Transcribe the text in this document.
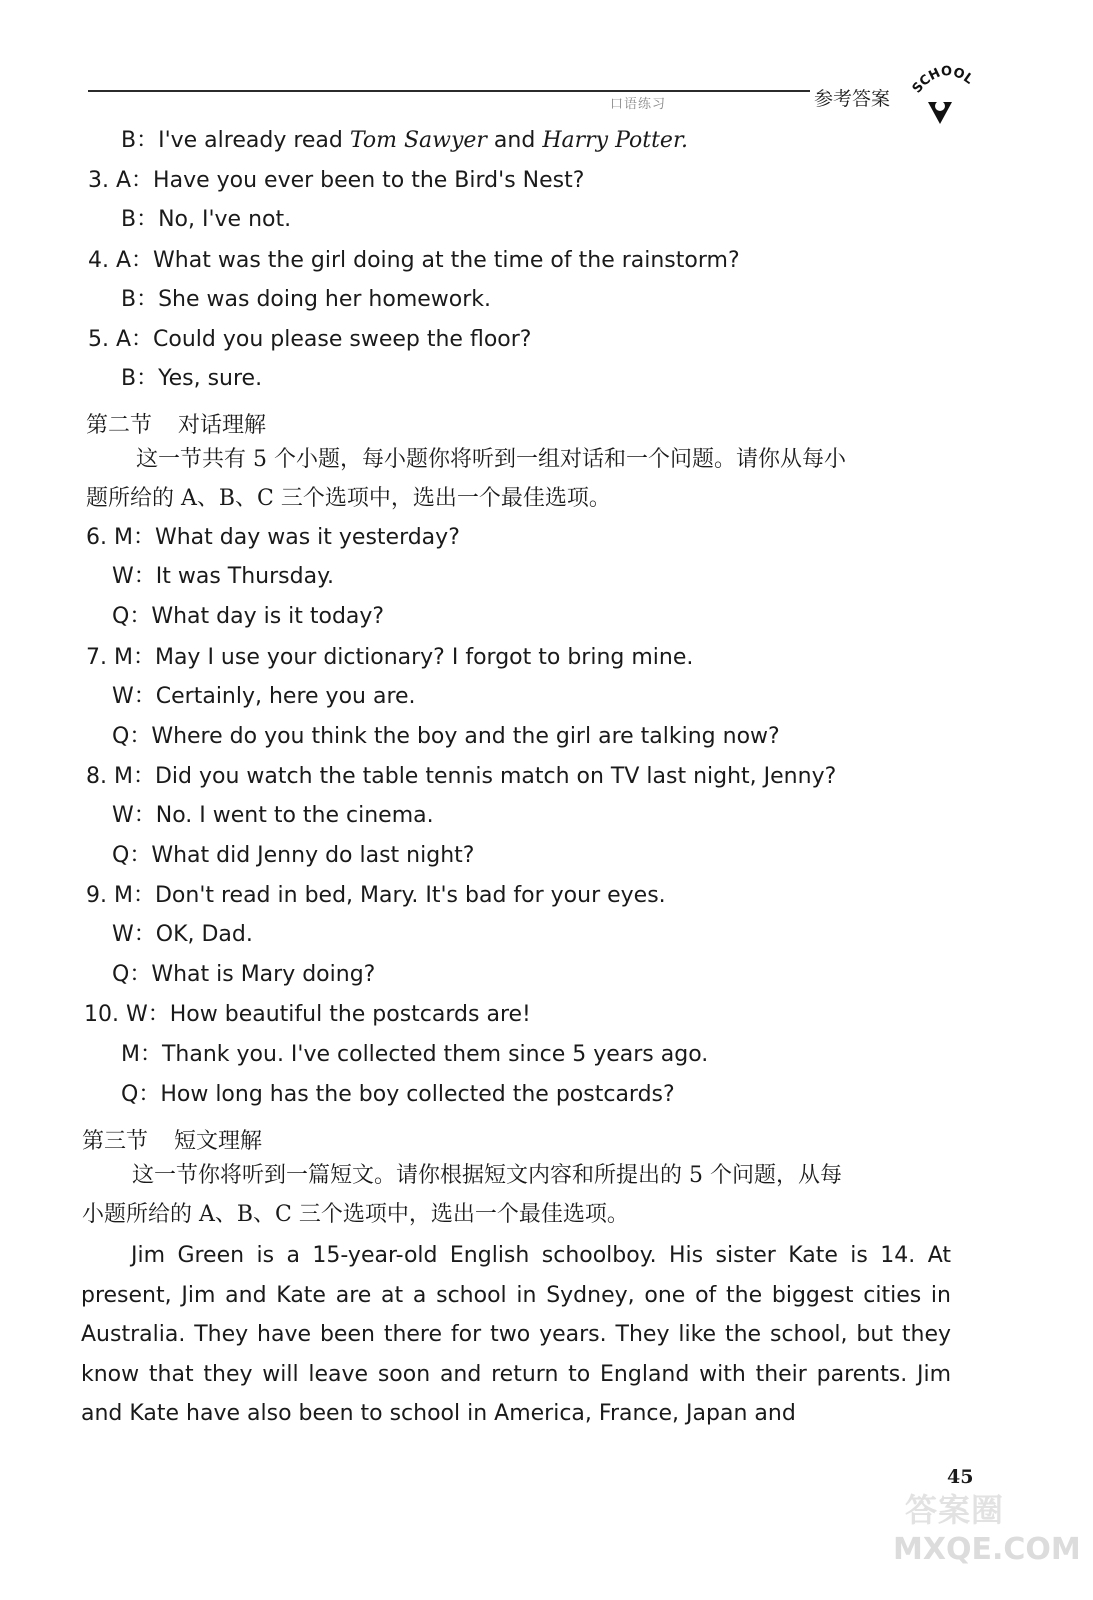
口语练习	参考答案
SCHOOL
B：I've already read Tom Sawyer and Harry Potter.
3. A：Have you ever been to the Bird's Nest?
B：No, I've not.
4. A：What was the girl doing at the time of the rainstorm?
B：She was doing her homework.
5. A：Could you please sweep the floor?
B：Yes, sure.
第二节 对话理解
这一节共有 5 个小题，每小题你将听到一组对话和一个问题。请你从每小
题所给的 A、B、C 三个选项中，选出一个最佳选项。
6. M：What day was it yesterday?
W：It was Thursday.
Q：What day is it today?
7. M：May I use your dictionary? I forgot to bring mine.
W：Certainly, here you are.
Q：Where do you think the boy and the girl are talking now?
8. M：Did you watch the table tennis match on TV last night, Jenny?
W：No. I went to the cinema.
Q：What did Jenny do last night?
9. M：Don't read in bed, Mary. It's bad for your eyes.
W：OK, Dad.
Q：What is Mary doing?
10. W：How beautiful the postcards are!
M：Thank you. I've collected them since 5 years ago.
Q：How long has the boy collected the postcards?
第三节 短文理解
这一节你将听到一篇短文。请你根据短文内容和所提出的 5 个问题，从每
小题所给的 A、B、C 三个选项中，选出一个最佳选项。

Jim Green is a 15-year-old English schoolboy. His sister Kate is 14. At present, Jim and Kate are at a school in Sydney, one of the biggest cities in Australia. They have been there for two years. They like the school, but they know that they will leave soon and return to England with their parents. Jim and Kate have also been to school in America, France, Japan and

45
答案圈
MXQE.COM
